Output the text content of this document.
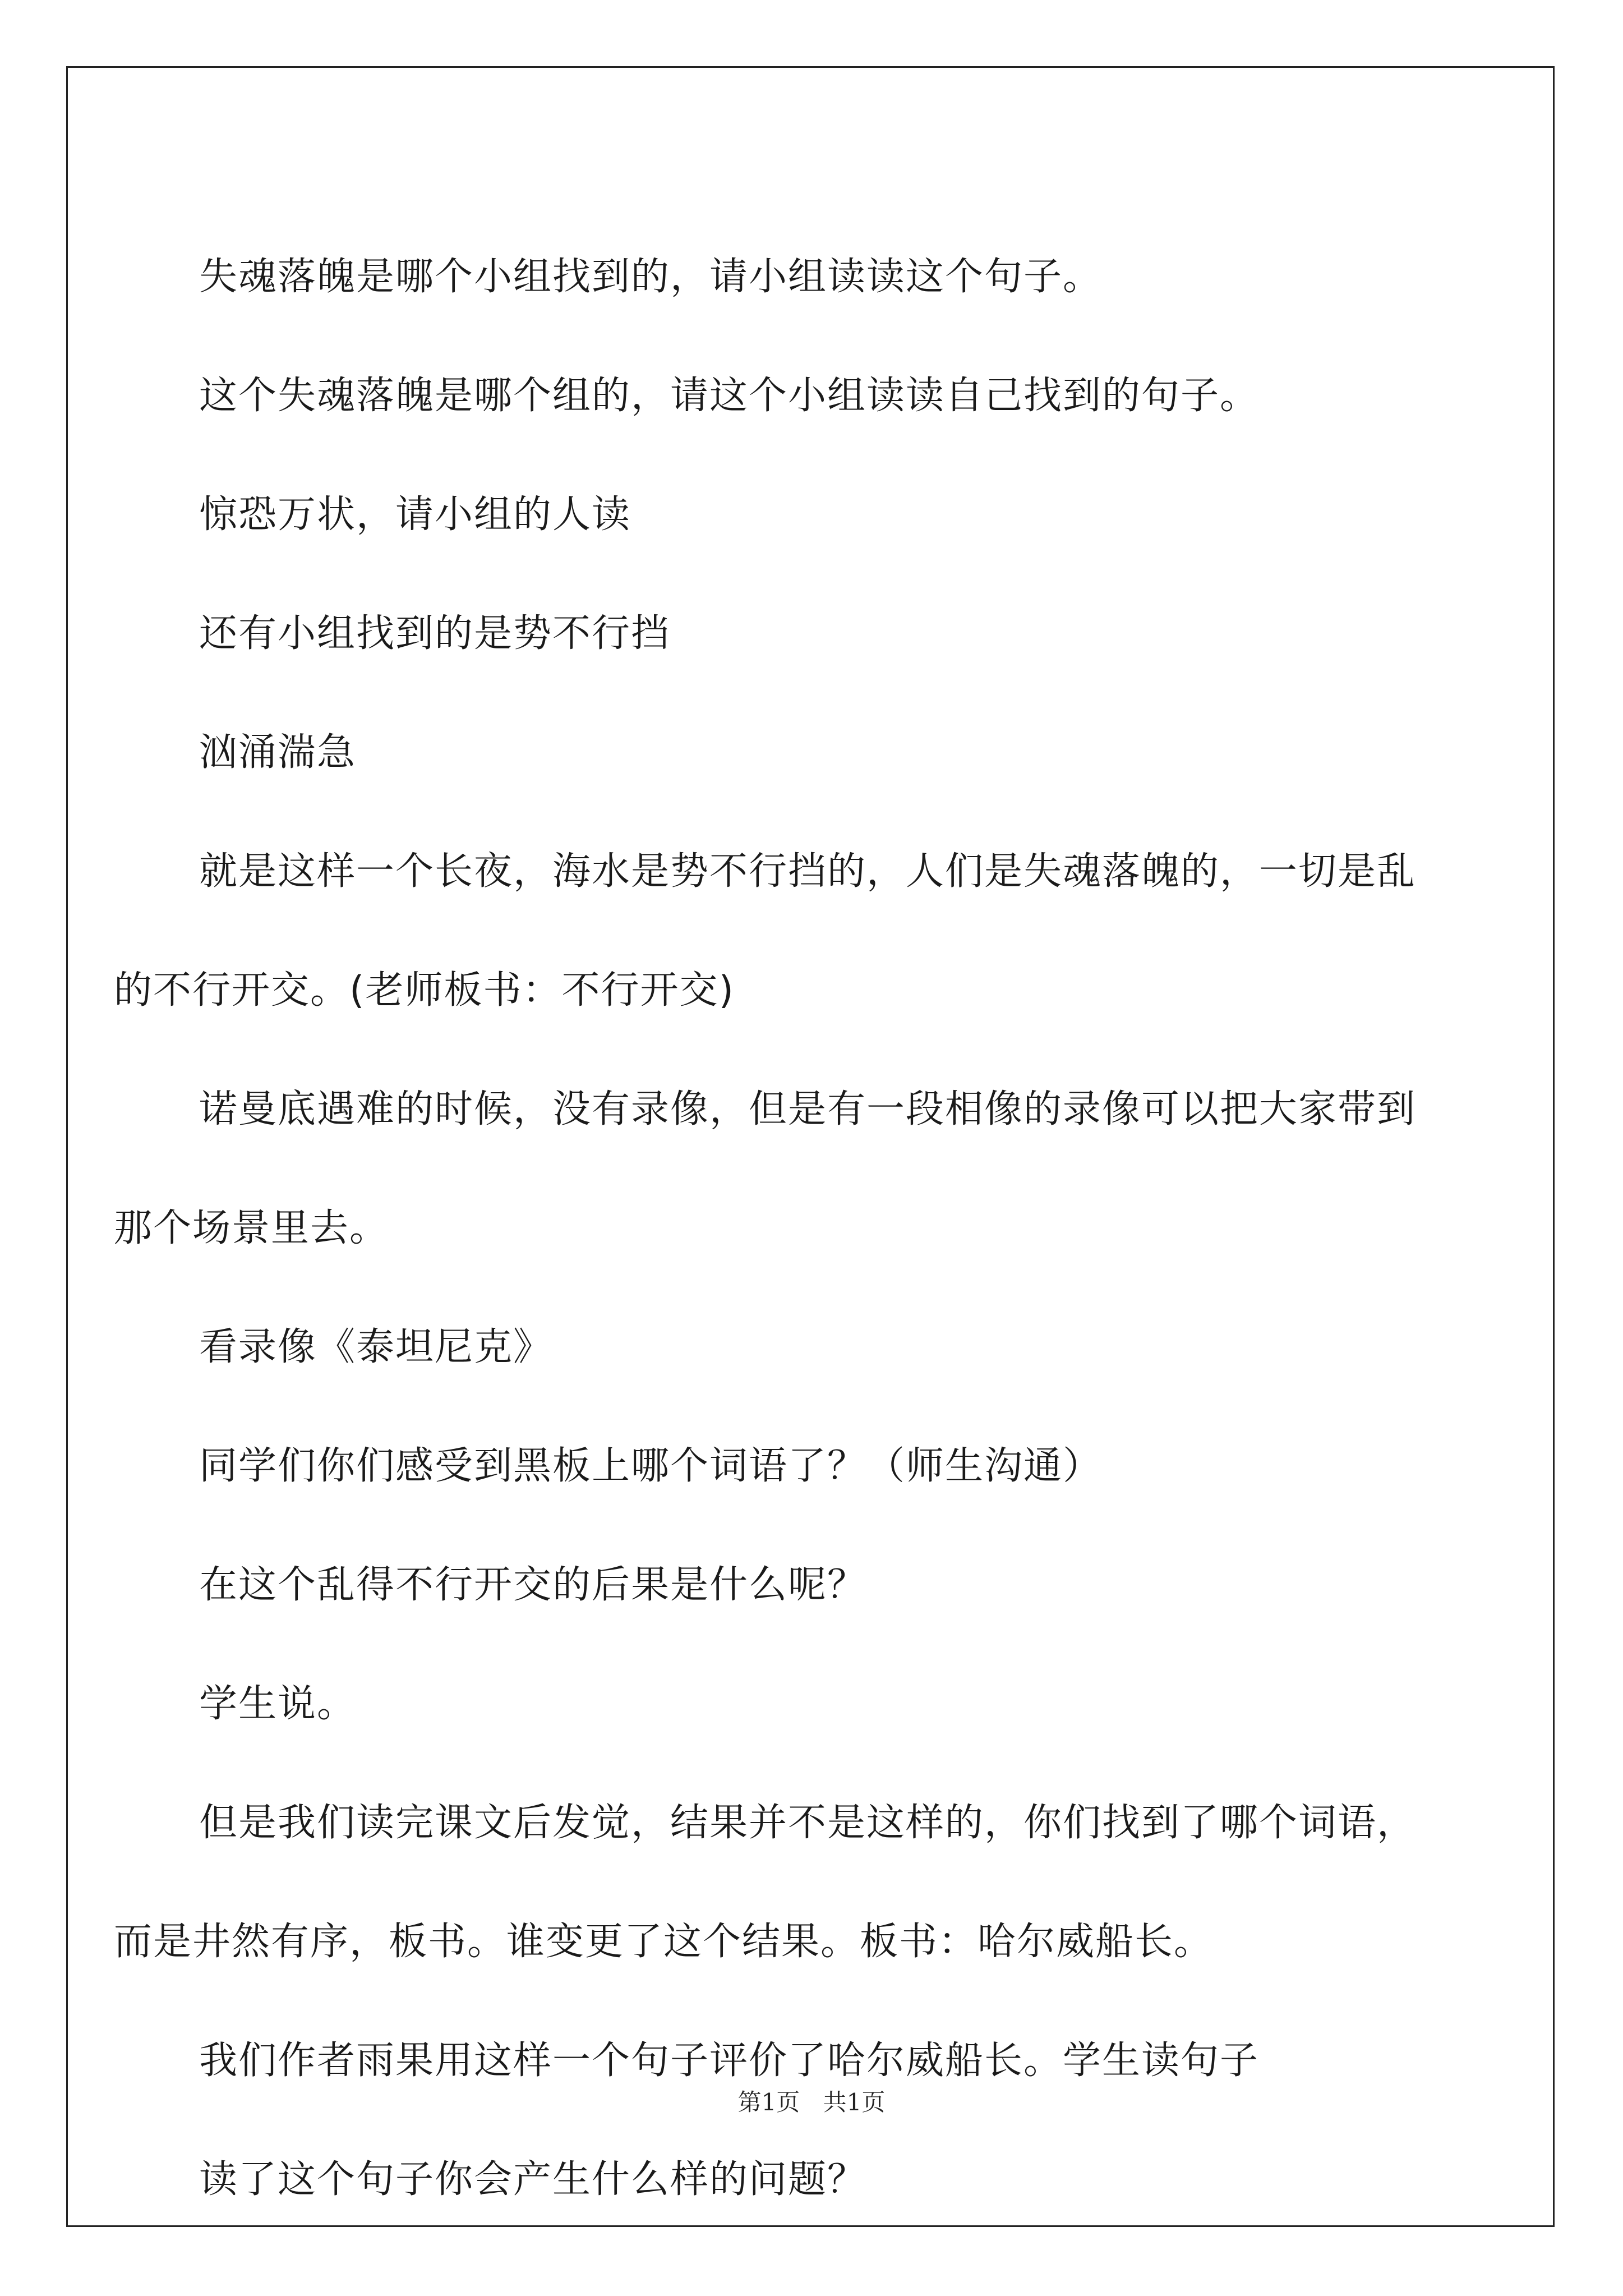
失魂落魄是哪个小组找到的，请小组读读这个句子。

这个失魂落魄是哪个组的，请这个小组读读自己找到的句子。

惊恐万状，请小组的人读

还有小组找到的是势不行挡

汹涌湍急

就是这样一个长夜，海水是势不行挡的，人们是失魂落魄的，一切是乱的不行开交。(老师板书：不行开交)

诺曼底遇难的时候，没有录像，但是有一段相像的录像可以把大家带到那个场景里去。

看录像《泰坦尼克》

同学们你们感受到黑板上哪个词语了？（师生沟通）

在这个乱得不行开交的后果是什么呢？

学生说。

但是我们读完课文后发觉，结果并不是这样的，你们找到了哪个词语，而是井然有序，板书。谁变更了这个结果。板书：哈尔威船长。

我们作者雨果用这样一个句子评价了哈尔威船长。学生读句子

读了这个句子你会产生什么样的问题？

第1页 共1页
